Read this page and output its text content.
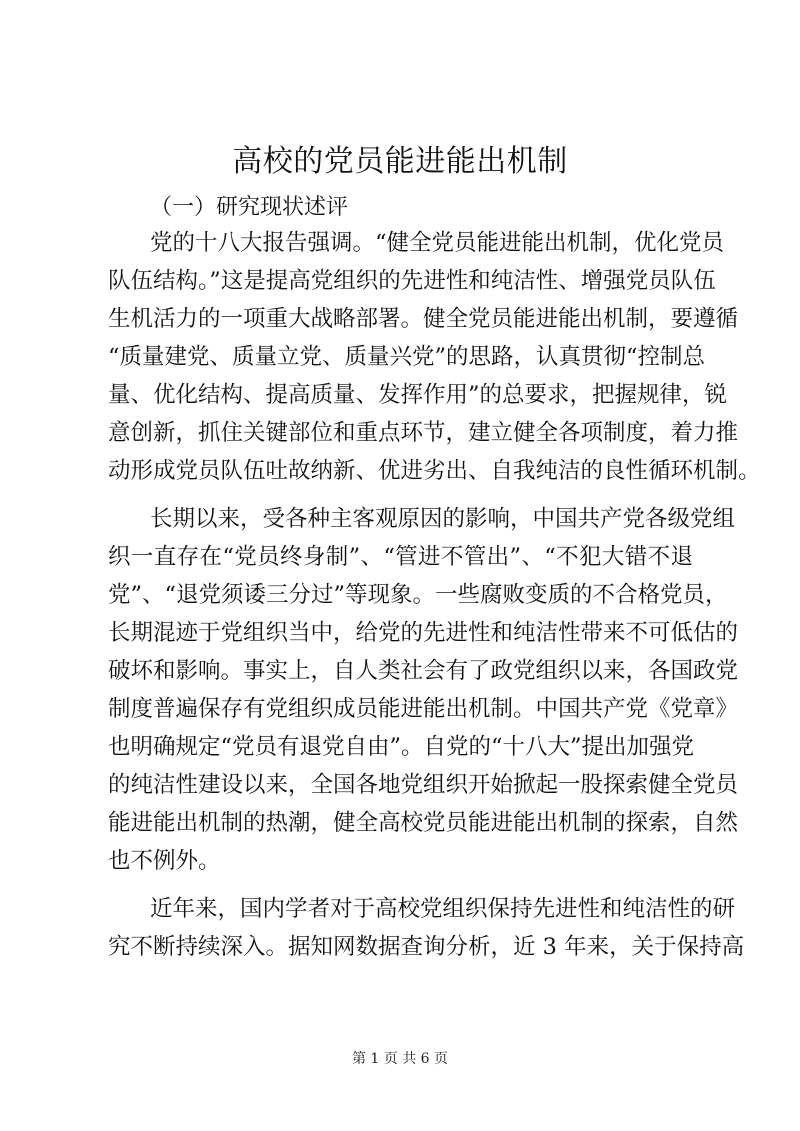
高校的党员能进能出机制
（一）研究现状述评
党的十八大报告强调。“健全党员能进能出机制，优化党员
队伍结构。”这是提高党组织的先进性和纯洁性、增强党员队伍
生机活力的一项重大战略部署。健全党员能进能出机制，要遵循
“质量建党、质量立党、质量兴党”的思路，认真贯彻“控制总
量、优化结构、提高质量、发挥作用”的总要求，把握规律，锐
意创新，抓住关键部位和重点环节，建立健全各项制度，着力推
动形成党员队伍吐故纳新、优进劣出、自我纯洁的良性循环机制。
长期以来，受各种主客观原因的影响，中国共产党各级党组
织一直存在“党员终身制”、“管进不管出”、“不犯大错不退
党”、“退党须诿三分过”等现象。一些腐败变质的不合格党员，
长期混迹于党组织当中，给党的先进性和纯洁性带来不可低估的
破坏和影响。事实上，自人类社会有了政党组织以来，各国政党
制度普遍保存有党组织成员能进能出机制。中国共产党《党章》
也明确规定“党员有退党自由”。自党的“十八大”提出加强党
的纯洁性建设以来，全国各地党组织开始掀起一股探索健全党员
能进能出机制的热潮，健全高校党员能进能出机制的探索，自然
也不例外。
近年来，国内学者对于高校党组织保持先进性和纯洁性的研
究不断持续深入。据知网数据查询分析，近 3 年来，关于保持高
第 1 页 共 6 页
